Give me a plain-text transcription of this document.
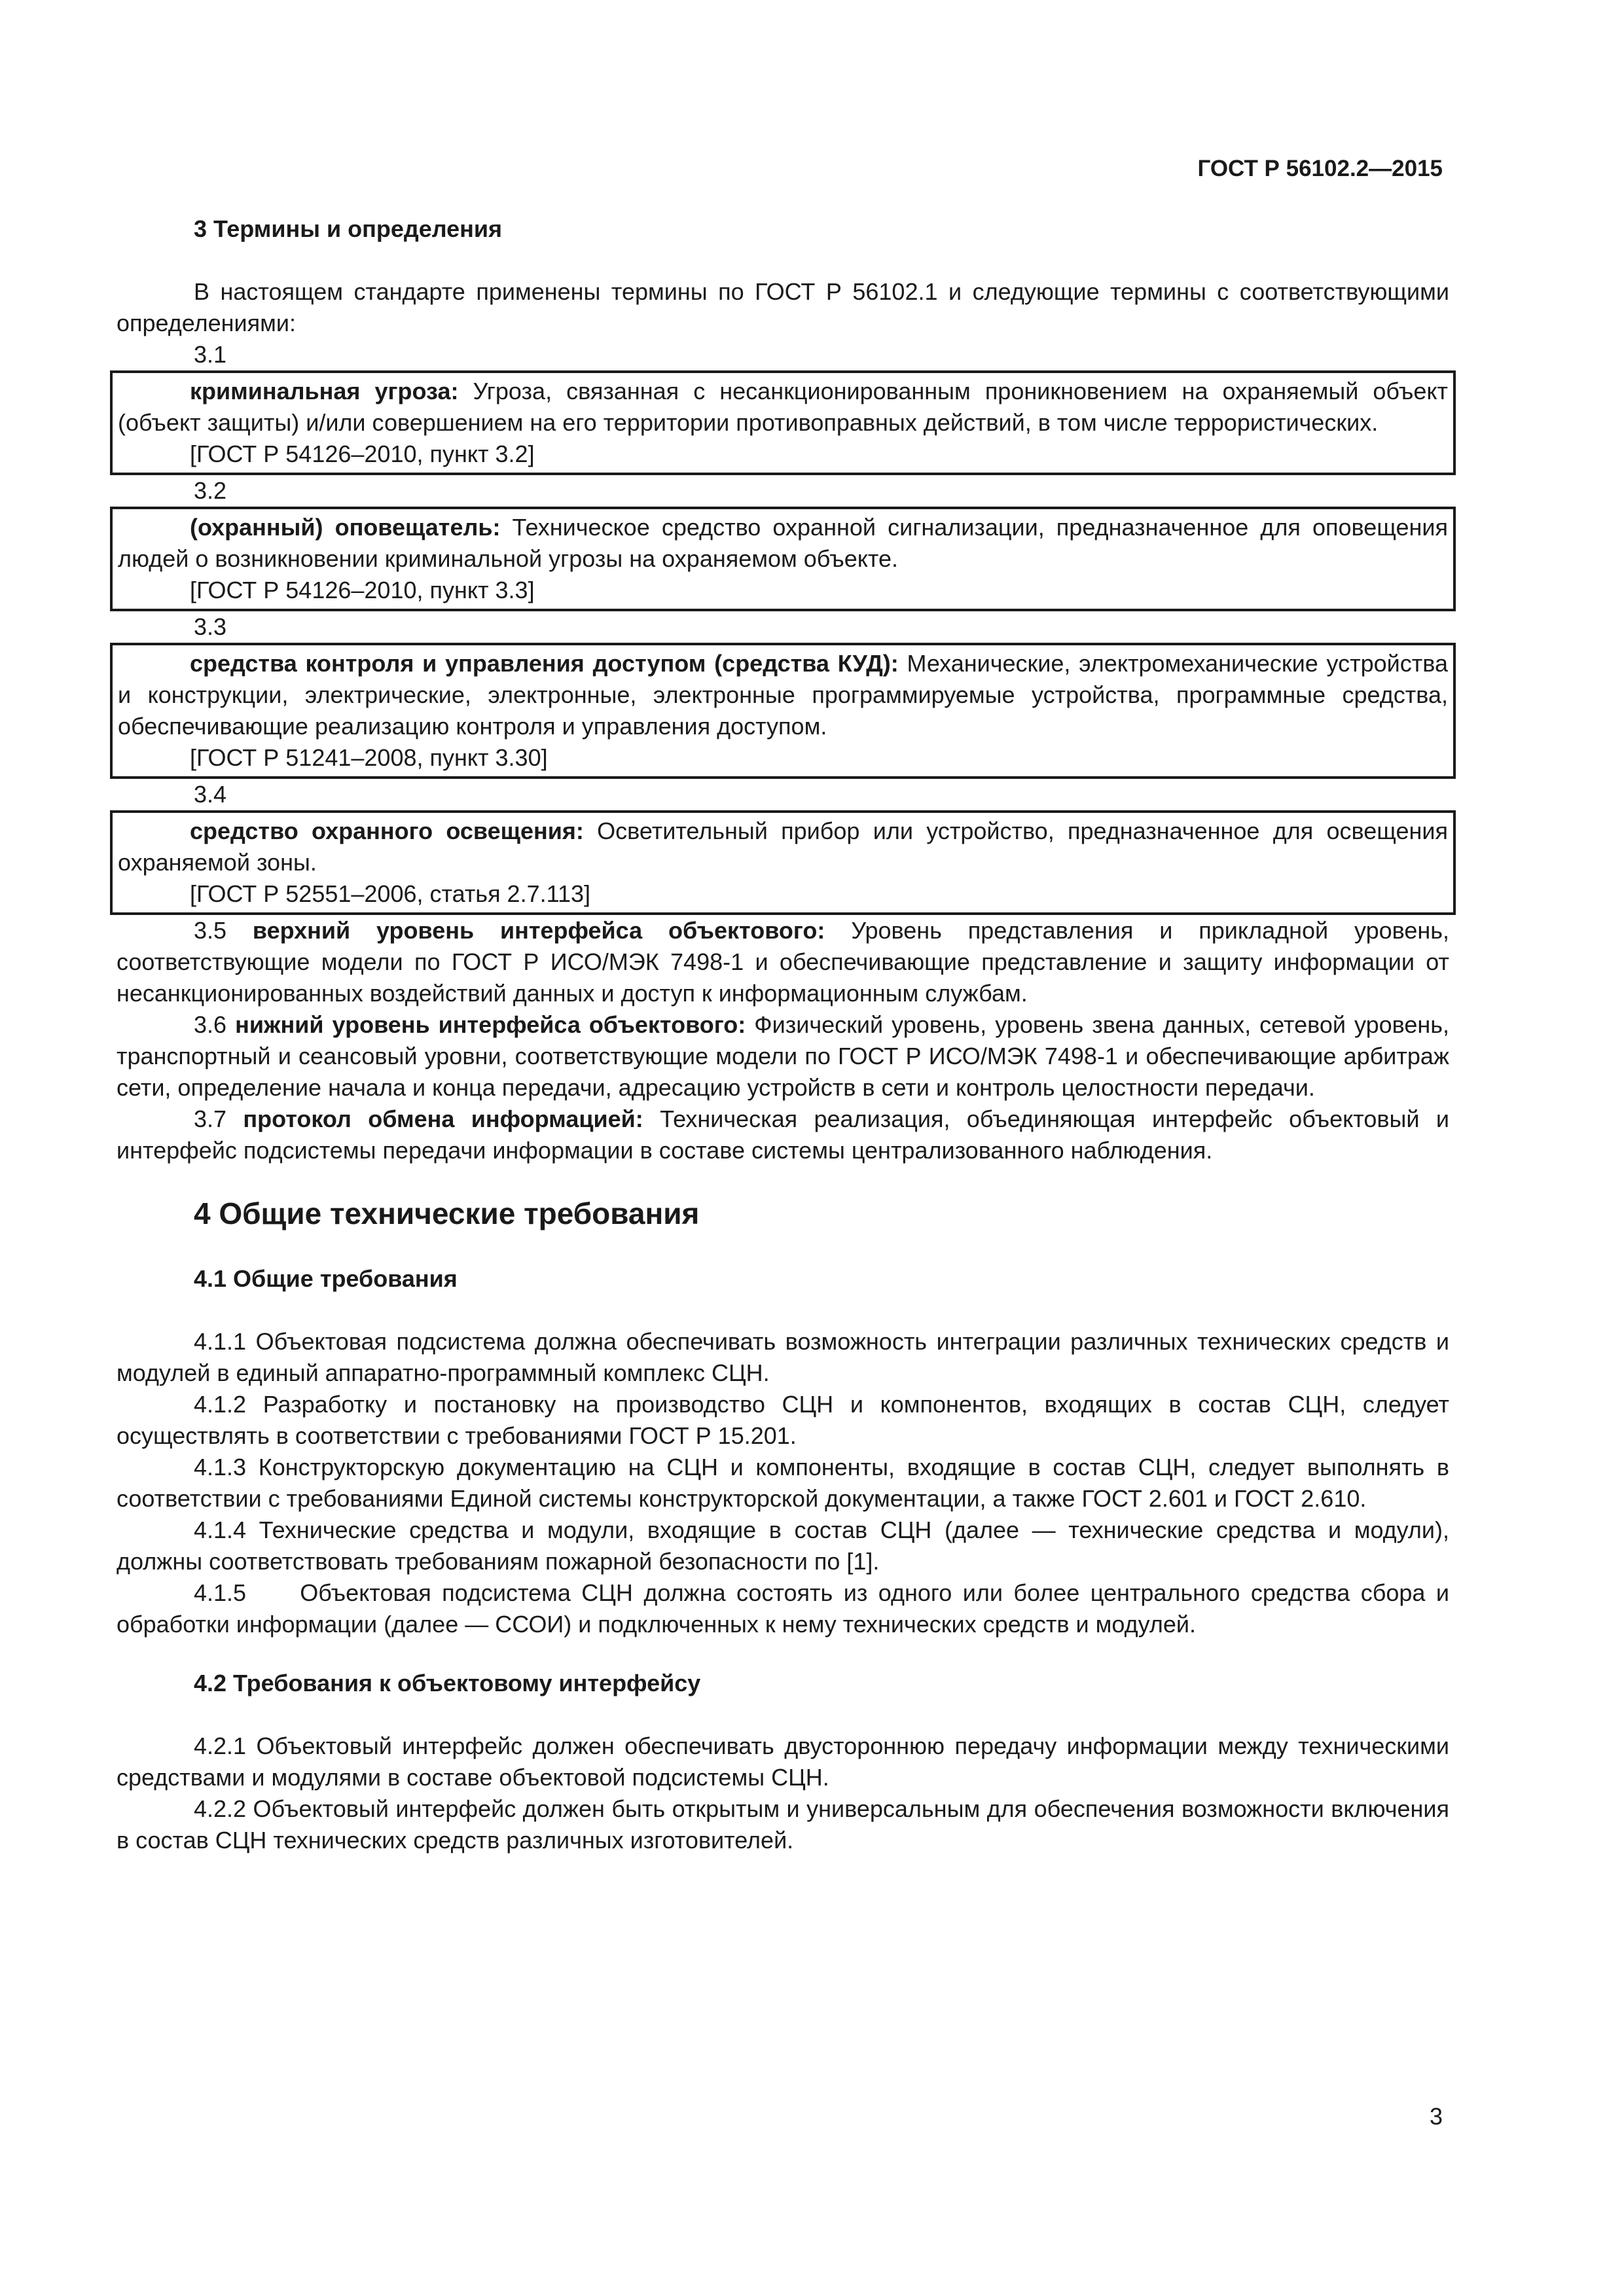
ГОСТ Р 56102.2—2015

3 Термины и определения

В настоящем стандарте применены термины по ГОСТ Р 56102.1 и следующие термины с соответствующими определениями:

3.1

криминальная угроза: Угроза, связанная с несанкционированным проникновением на охраняемый объект (объект защиты) и/или совершением на его территории противоправных действий, в том числе террористических.

[ГОСТ Р 54126–2010, пункт 3.2]

3.2

(охранный) оповещатель: Техническое средство охранной сигнализации, предназначенное для оповещения людей о возникновении криминальной угрозы на охраняемом объекте.

[ГОСТ Р 54126–2010, пункт 3.3]

3.3

средства контроля и управления доступом (средства КУД): Механические, электромеханические устройства и конструкции, электрические, электронные, электронные программируемые устройства, программные средства, обеспечивающие реализацию контроля и управления доступом.

[ГОСТ Р 51241–2008, пункт 3.30]

3.4

средство охранного освещения: Осветительный прибор или устройство, предназначенное для освещения охраняемой зоны.

[ГОСТ Р 52551–2006, статья 2.7.113]

3.5 верхний уровень интерфейса объектового: Уровень представления и прикладной уровень, соответствующие модели по ГОСТ Р ИСО/МЭК 7498-1 и обеспечивающие представление и защиту информации от несанкционированных воздействий данных и доступ к информационным службам.

3.6 нижний уровень интерфейса объектового: Физический уровень, уровень звена данных, сетевой уровень, транспортный и сеансовый уровни, соответствующие модели по ГОСТ Р ИСО/МЭК 7498-1 и обеспечивающие арбитраж сети, определение начала и конца передачи, адресацию устройств в сети и контроль целостности передачи.

3.7 протокол обмена информацией: Техническая реализация, объединяющая интерфейс объектовый и интерфейс подсистемы передачи информации в составе системы централизованного наблюдения.

4 Общие технические требования
4.1 Общие требования

4.1.1 Объектовая подсистема должна обеспечивать возможность интеграции различных технических средств и модулей в единый аппаратно-программный комплекс СЦН.

4.1.2 Разработку и постановку на производство СЦН и компонентов, входящих в состав СЦН, следует осуществлять в соответствии с требованиями ГОСТ Р 15.201.

4.1.3 Конструкторскую документацию на СЦН и компоненты, входящие в состав СЦН, следует выполнять в соответствии с требованиями Единой системы конструкторской документации, а также ГОСТ 2.601 и ГОСТ 2.610.

4.1.4 Технические средства и модули, входящие в состав СЦН (далее — технические средства и модули), должны соответствовать требованиям пожарной безопасности по [1].

4.1.5     Объектовая подсистема СЦН должна состоять из одного или более центрального средства сбора и обработки информации (далее — ССОИ) и подключенных к нему технических средств и модулей.

4.2 Требования к объектовому интерфейсу

4.2.1 Объектовый интерфейс должен обеспечивать двустороннюю передачу информации между техническими средствами и модулями в составе объектовой подсистемы СЦН.

4.2.2 Объектовый интерфейс должен быть открытым и универсальным для обеспечения возможности включения в состав СЦН технических средств различных изготовителей.

3
